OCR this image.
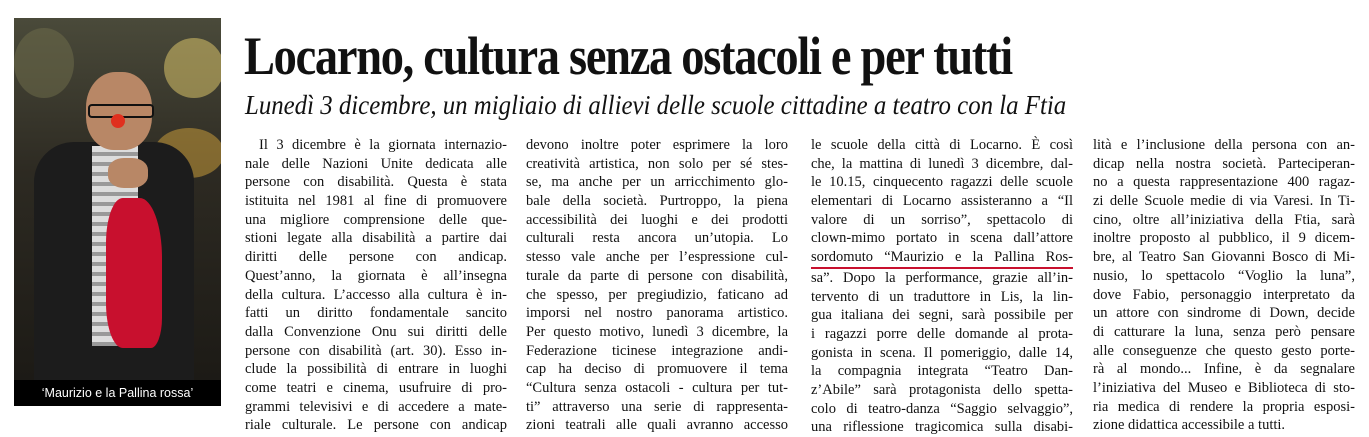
‘Maurizio e la Pallina rossa’
Locarno, cultura senza ostacoli e per tutti
Lunedì 3 dicembre, un migliaio di allievi delle scuole cittadine a teatro con la Ftia
Il 3 dicembre è la giornata internazio-
nale delle Nazioni Unite dedicata alle
persone con disabilità. Questa è stata
istituita nel 1981 al fine di promuovere
una migliore comprensione delle que-
stioni legate alla disabilità a partire dai
diritti delle persone con andicap.
Quest’anno, la giornata è all’insegna
della cultura. L’accesso alla cultura è in-
fatti un diritto fondamentale sancito
dalla Convenzione Onu sui diritti delle
persone con disabilità (art. 30). Esso in-
clude la possibilità di entrare in luoghi
come teatri e cinema, usufruire di pro-
grammi televisivi e di accedere a mate-
riale culturale. Le persone con andicap
devono inoltre poter esprimere la loro
creatività artistica, non solo per sé stes-
se, ma anche per un arricchimento glo-
bale della società. Purtroppo, la piena
accessibilità dei luoghi e dei prodotti
culturali resta ancora un’utopia. Lo
stesso vale anche per l’espressione cul-
turale da parte di persone con disabilità,
che spesso, per pregiudizio, faticano ad
imporsi nel nostro panorama artistico.
Per questo motivo, lunedì 3 dicembre, la
Federazione ticinese integrazione andi-
cap ha deciso di promuovere il tema
“Cultura senza ostacoli - cultura per tut-
ti” attraverso una serie di rappresenta-
zioni teatrali alle quali avranno accesso
le scuole della città di Locarno. È così
che, la mattina di lunedì 3 dicembre, dal-
le 10.15, cinquecento ragazzi delle scuole
elementari di Locarno assisteranno a “Il
valore di un sorriso”, spettacolo di
clown-mimo portato in scena dall’attore
sordomuto “Maurizio e la Pallina Ros-
sa”. Dopo la performance, grazie all’in-
tervento di un traduttore in Lis, la lin-
gua italiana dei segni, sarà possibile per
i ragazzi porre delle domande al prota-
gonista in scena. Il pomeriggio, dalle 14,
la compagnia integrata “Teatro Dan-
z’Abile” sarà protagonista dello spetta-
colo di teatro-danza “Saggio selvaggio”,
una riflessione tragicomica sulla disabi-
lità e l’inclusione della persona con an-
dicap nella nostra società. Parteciperan-
no a questa rappresentazione 400 ragaz-
zi delle Scuole medie di via Varesi. In Ti-
cino, oltre all’iniziativa della Ftia, sarà
inoltre proposto al pubblico, il 9 dicem-
bre, al Teatro San Giovanni Bosco di Mi-
nusio, lo spettacolo “Voglio la luna”,
dove Fabio, personaggio interpretato da
un attore con sindrome di Down, decide
di catturare la luna, senza però pensare
alle conseguenze che questo gesto porte-
rà al mondo... Infine, è da segnalare
l’iniziativa del Museo e Biblioteca di sto-
ria medica di rendere la propria esposi-
zione didattica accessibile a tutti.
